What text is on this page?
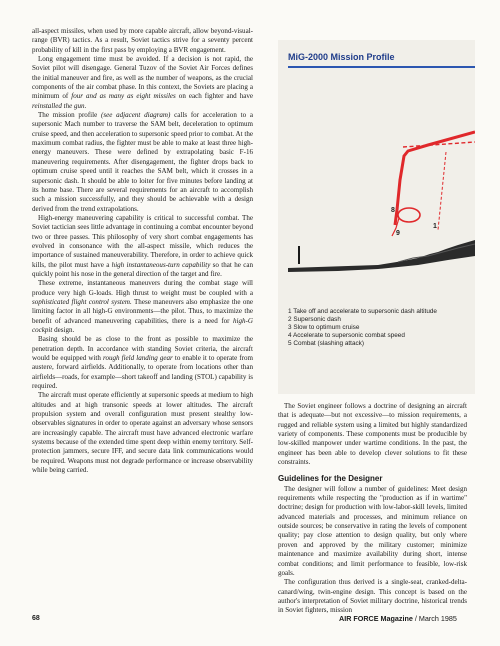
all-aspect missiles, when used by more capable aircraft, allow beyond-visual-range (BVR) tactics. As a result, Soviet tactics strive for a seventy percent probability of kill in the first pass by employing a BVR engagement.

Long engagement time must be avoided. If a decision is not rapid, the Soviet pilot will disengage. General Tuzov of the Soviet Air Forces defines the initial maneuver and fire, as well as the number of weapons, as the crucial components of the air combat phase. In this context, the Soviets are placing a minimum of four and as many as eight missiles on each fighter and have reinstalled the gun.

The mission profile (see adjacent diagram) calls for acceleration to a supersonic Mach number to traverse the SAM belt, deceleration to optimum cruise speed, and then acceleration to supersonic speed prior to combat. At the maximum combat radius, the fighter must be able to make at least three high-energy maneuvers. These were defined by extrapolating basic F-16 maneuvering requirements. After disengagement, the fighter drops back to optimum cruise speed until it reaches the SAM belt, which it crosses in a supersonic dash. It should be able to loiter for five minutes before landing at its home base. There are several requirements for an aircraft to accomplish such a mission successfully, and they should be achievable with a design derived from the trend extrapolations.

High-energy maneuvering capability is critical to successful combat. The Soviet tactician sees little advantage in continuing a combat encounter beyond two or three passes. This philosophy of very short combat engagements has evolved in consonance with the all-aspect missile, which reduces the importance of sustained maneuverability. Therefore, in order to achieve quick kills, the pilot must have a high instantaneous-turn capability so that he can quickly point his nose in the general direction of the target and fire.

These extreme, instantaneous maneuvers during the combat stage will produce very high G-loads. High thrust to weight must be coupled with a sophisticated flight control system. These maneuvers also emphasize the one limiting factor in all high-G environments—the pilot. Thus, to maximize the benefit of advanced maneuvering capabilities, there is a need for high-G cockpit design.

Basing should be as close to the front as possible to maximize the penetration depth. In accordance with standing Soviet criteria, the aircraft would be equipped with rough field landing gear to enable it to operate from austere, forward airfields. Additionally, to operate from locations other than airfields—roads, for example—short takeoff and landing (STOL) capability is required.

The aircraft must operate efficiently at supersonic speeds at medium to high altitudes and at high transonic speeds at lower altitudes. The aircraft propulsion system and overall configuration must present stealthy low-observables signatures in order to operate against an adversary whose sensors are increasingly capable. The aircraft must have advanced electronic warfare systems because of the extended time spent deep within enemy territory. Self-protection jammers, secure IFF, and secure data link communications would be required. Weapons must not degrade performance or increase observability while being carried.

MiG-2000 Mission Profile
8
9
1
1 Take off and accelerate to supersonic dash altitude
2 Supersonic dash
3 Slow to optimum cruise
4 Accelerate to supersonic combat speed
5 Combat (slashing attack)

The Soviet engineer follows a doctrine of designing an aircraft that is adequate—but not excessive—to mission requirements, a rugged and reliable system using a limited but highly standardized variety of components. These components must be producible by low-skilled manpower under wartime conditions. In the past, the engineer has been able to develop clever solutions to fit these constraints.

Guidelines for the Designer

The designer will follow a number of guidelines: Meet design requirements while respecting the "production as if in wartime" doctrine; design for production with low-labor-skill levels, limited advanced materials and processes, and minimum reliance on outside sources; be conservative in rating the levels of component quality; pay close attention to design quality, but only where proven and approved by the military customer; minimize maintenance and maximize availability during short, intense combat conditions; and limit performance to feasible, low-risk goals.

The configuration thus derived is a single-seat, cranked-delta-canard/wing, twin-engine design. This concept is based on the author's interpretation of Soviet military doctrine, historical trends in Soviet fighters, mission

68	AIR FORCE Magazine / March 1985
